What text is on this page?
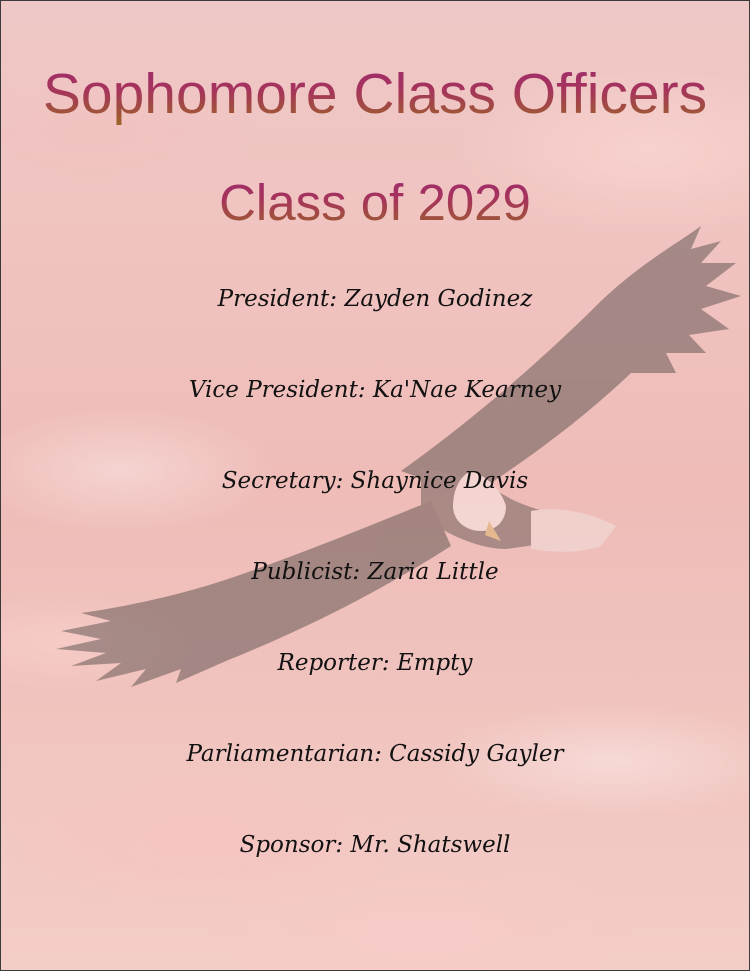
Sophomore Class Officers
Class of 2029
President: Zayden Godinez
Vice President: Ka'Nae Kearney
Secretary: Shaynice Davis
Publicist: Zaria Little
Reporter: Empty
Parliamentarian: Cassidy Gayler
Sponsor: Mr. Shatswell
